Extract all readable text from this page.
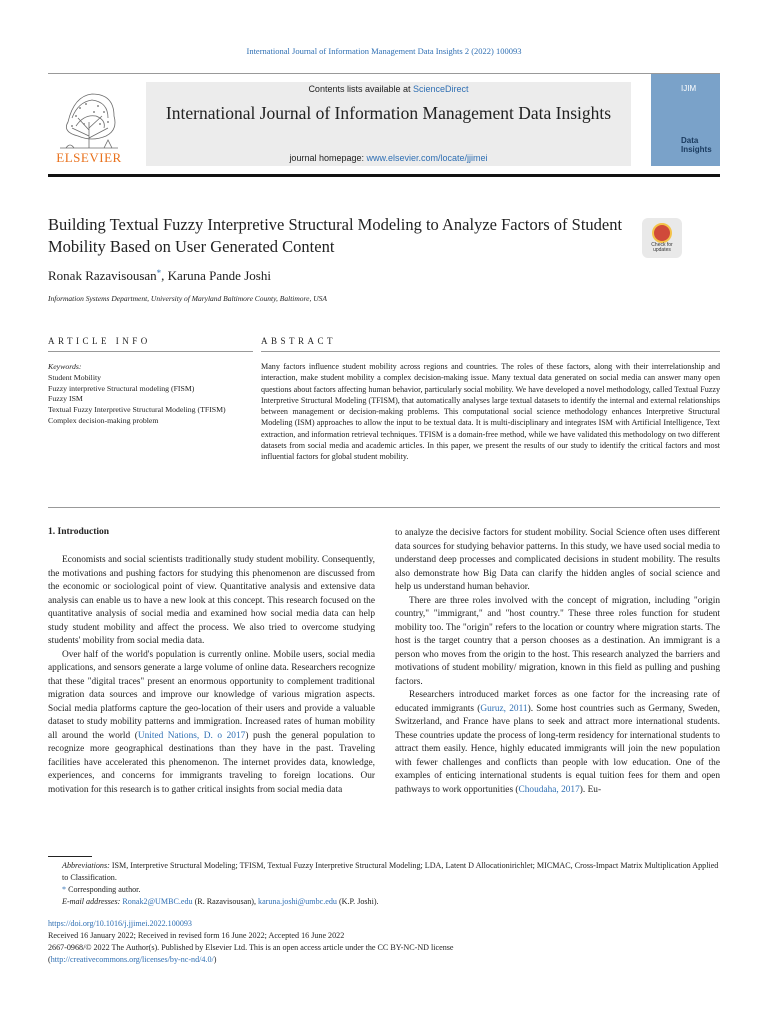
International Journal of Information Management Data Insights 2 (2022) 100093
ELSEVIER
Contents lists available at ScienceDirect
International Journal of Information Management Data Insights
journal homepage: www.elsevier.com/locate/jjimei
IJIM
Data Insights
Building Textual Fuzzy Interpretive Structural Modeling to Analyze Factors of Student Mobility Based on User Generated Content	Check for updates
Ronak Razavisousan*, Karuna Pande Joshi
Information Systems Department, University of Maryland Baltimore County, Baltimore, USA
ARTICLE INFO	ABSTRACT
Keywords:
Student Mobility
Fuzzy interpretive Structural modeling (FISM)
Fuzzy ISM
Textual Fuzzy Interpretive Structural Modeling (TFISM)
Complex decision-making problem
Many factors influence student mobility across regions and countries. The roles of these factors, along with their interrelationship and interaction, make student mobility a complex decision-making issue. Many textual data generated on social media can answer many open questions about factors affecting human behavior, particularly social mobility. We have developed a novel methodology, called Textual Fuzzy Interpretive Structural Modeling (TFISM), that automatically analyses large textual datasets to identify the internal and external relationships between management or decision-making problems. This computational social science methodology enhances Interpretive Structural Modeling (ISM) approaches to allow the input to be textual data. It is multi-disciplinary and integrates ISM with Artificial Intelligence, Text extraction, and information retrieval techniques. TFISM is a domain-free method, while we have validated this methodology on two different datasets from social media and academic articles. In this paper, we present the results of our study to identify the critical factors and most influential factors for global student mobility.
1. Introduction

Economists and social scientists traditionally study student mobility. Consequently, the motivations and pushing factors for studying this phenomenon are discussed from the economic or sociological point of view. Quantitative analysis and extensive data analysis can enable us to have a new look at this concept. This research focused on the quantitative analysis of social media and examined how social media data can help study student mobility and affect the process. We also tried to overcome studying students' mobility from social media data.

Over half of the world's population is currently online. Mobile users, social media applications, and sensors generate a large volume of online data. Researchers recognize that these "digital traces" present an enormous opportunity to complement traditional migration data sources and improve our knowledge of various migration aspects. Social media platforms capture the geo-location of their users and provide a valuable dataset to study mobility patterns and immigration. Increased rates of human mobility all around the world (United Nations, D. o 2017) push the general population to recognize more geographical destinations than they have in the past. Traveling facilities have accelerated this phenomenon. The internet provides data, knowledge, experiences, and concerns for immigrants traveling to foreign locations. Our motivation for this research is to gather critical insights from social media data

to analyze the decisive factors for student mobility. Social Science often uses different data sources for studying behavior patterns. In this study, we have used social media to understand deep processes and complicated decisions in student mobility. The results also demonstrate how Big Data can clarify the hidden angles of social science and help us understand human behavior.

There are three roles involved with the concept of migration, including "origin country," "immigrant," and "host country." These three roles function for student mobility too. The "origin" refers to the location or country where migration starts. The host is the target country that a person chooses as a destination. An immigrant is a person who moves from the origin to the host. This research analyzed the barriers and motivations of student mobility/ migration, known in this field as pulling and pushing factors.

Researchers introduced market forces as one factor for the increasing rate of educated immigrants (Guruz, 2011). Some host countries such as Germany, Sweden, Switzerland, and France have plans to seek and attract more international students. These countries update the process of long-term residency for international students to attract them easily. Hence, highly educated immigrants will join the new population with fewer challenges and conflicts than people with low education. One of the examples of enticing international students is equal tuition fees for them and open pathways to work opportunities (Choudaha, 2017). Eu-

Abbreviations: ISM, Interpretive Structural Modeling; TFISM, Textual Fuzzy Interpretive Structural Modeling; LDA, Latent D Allocationirichlet; MICMAC, Cross-Impact Matrix Multiplication Applied to Classification.
* Corresponding author.
E-mail addresses: Ronak2@UMBC.edu (R. Razavisousan), karuna.joshi@umbc.edu (K.P. Joshi).
https://doi.org/10.1016/j.jjimei.2022.100093
Received 16 January 2022; Received in revised form 16 June 2022; Accepted 16 June 2022
2667-0968/© 2022 The Author(s). Published by Elsevier Ltd. This is an open access article under the CC BY-NC-ND license
(http://creativecommons.org/licenses/by-nc-nd/4.0/)
